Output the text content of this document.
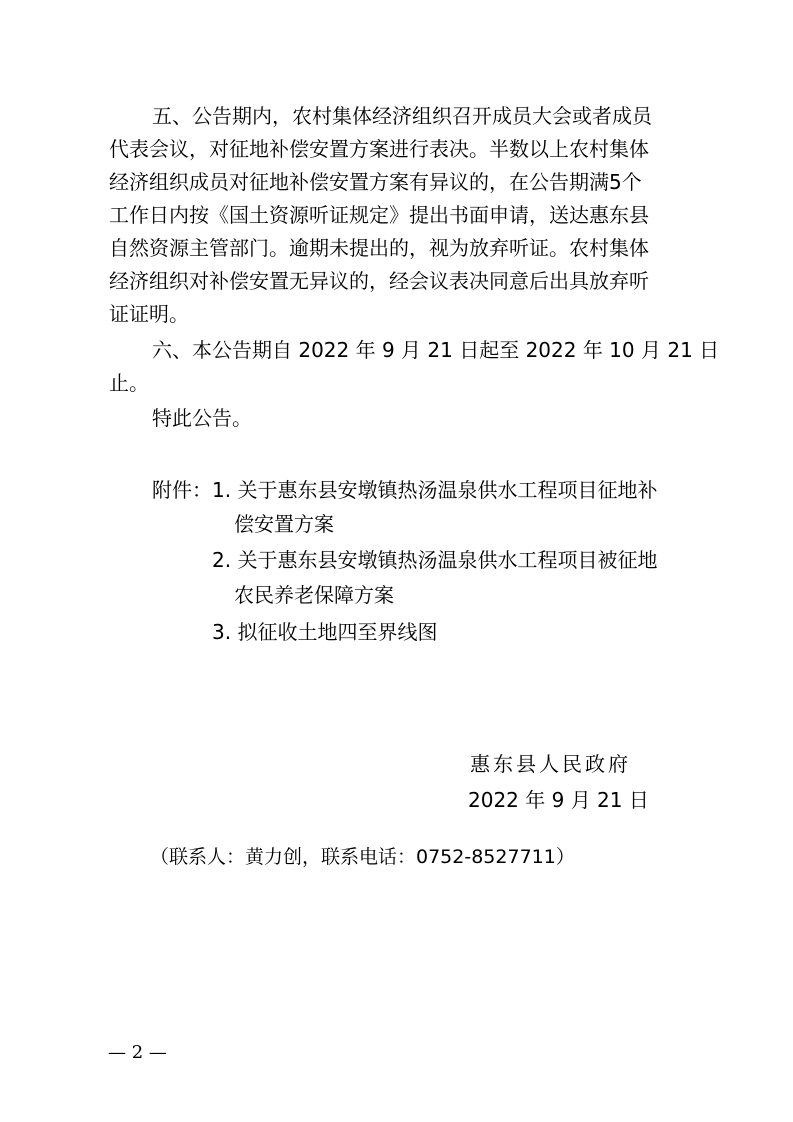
五、公告期内，农村集体经济组织召开成员大会或者成员
代表会议，对征地补偿安置方案进行表决。半数以上农村集体
经济组织成员对征地补偿安置方案有异议的，在公告期满5个
工作日内按《国土资源听证规定》提出书面申请，送达惠东县
自然资源主管部门。逾期未提出的，视为放弃听证。农村集体
经济组织对补偿安置无异议的，经会议表决同意后出具放弃听
证证明。
六、本公告期自 2022 年 9 月 21 日起至 2022 年 10 月 21 日
止。
特此公告。
附件： 1. 关于惠东县安墩镇热汤温泉供水工程项目征地补
偿安置方案
2. 关于惠东县安墩镇热汤温泉供水工程项目被征地
农民养老保障方案
3. 拟征收土地四至界线图
惠东县人民政府
2022 年 9 月 21 日
（联系人：黄力创，联系电话：0752-8527711）
— 2 —
